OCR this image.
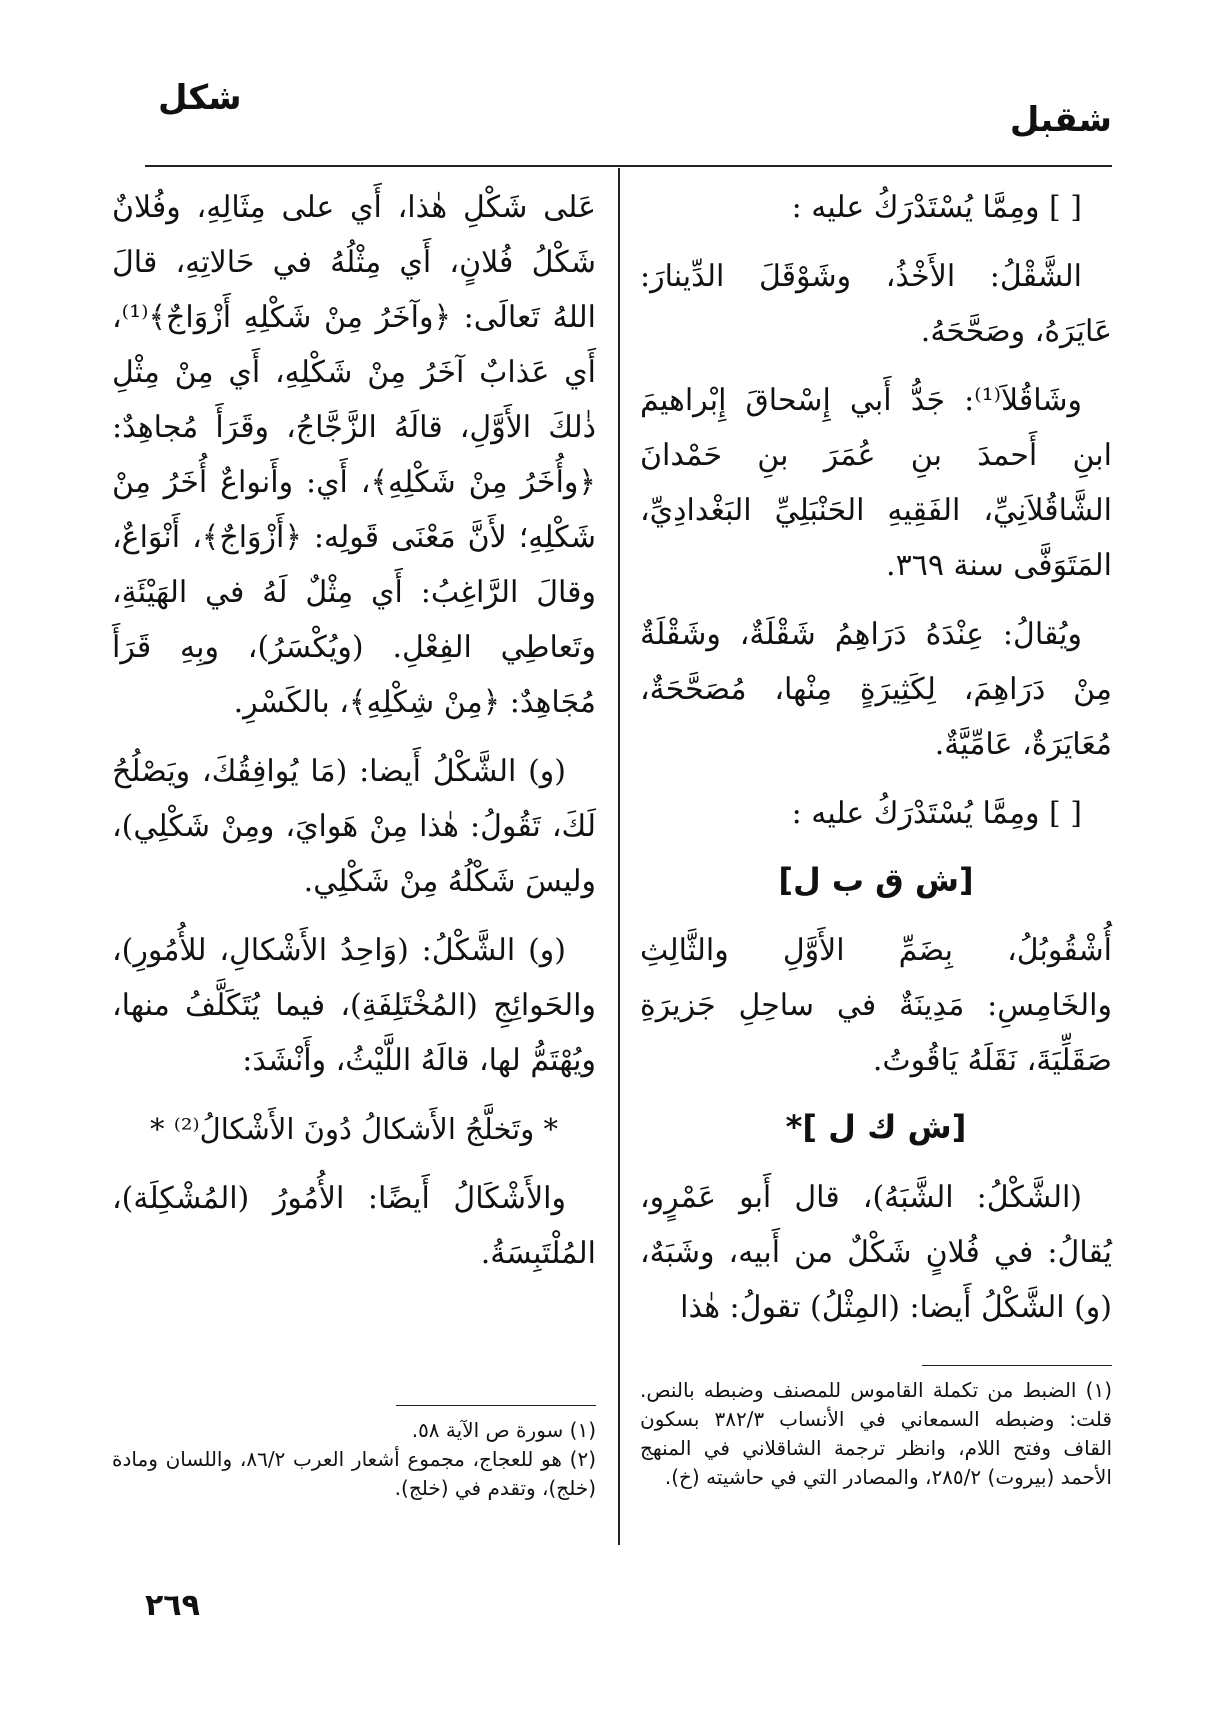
شقبل
شكل

[ ] ومِمَّا يُسْتَدْرَكُ عليه :

الشَّقْلُ: الأَخْذُ، وشَوْقَلَ الدِّينارَ: عَايَرَهُ، وصَحَّحَهُ.

وشَاقُلاَ⁽¹⁾: جَدُّ أَبي إِسْحاقَ إِبْراهيمَ ابنِ أَحمدَ بنِ عُمَرَ بنِ حَمْدانَ الشَّاقُلاَنِيِّ، الفَقِيهِ الحَنْبَلِيِّ البَغْدادِيِّ، المَتَوَفَّى سنة ٣٦٩.

ويُقالُ: عِنْدَهُ دَرَاهِمُ شَقْلَةٌ، وشَقْلَةٌ مِنْ دَرَاهِمَ، لِكَثِيرَةٍ مِنْها، مُصَحَّحَةٌ، مُعَايَرَةٌ، عَامِّيَّةٌ.

[ ] ومِمَّا يُسْتَدْرَكُ عليه :

[ش ق ب ل]

أُشْقُوبُلُ، بِضَمِّ الأَوَّلِ والثَّالِثِ والخَامِسِ: مَدِينَةٌ في ساحِلِ جَزيرَةِ صَقَلِّيَةَ، نَقَلَهُ يَاقُوتُ.

[ش ك ل ]*

(الشَّكْلُ: الشَّبَهُ)، قال أَبو عَمْرٍو، يُقالُ: في فُلانٍ شَكْلٌ من أَبيه، وشَبَهٌ، (و) الشَّكْلُ أَيضا: (المِثْلُ) تقولُ: هٰذا

عَلى شَكْلِ هٰذا، أَي على مِثَالِهِ، وفُلانٌ شَكْلُ فُلانٍ، أَي مِثْلُهُ في حَالاتِهِ، قالَ اللهُ تَعالَى: ﴿وآخَرُ مِنْ شَكْلِهِ أَزْوَاجٌ﴾⁽¹⁾، أَي عَذابٌ آخَرُ مِنْ شَكْلِهِ، أَي مِنْ مِثْلِ ذٰلكَ الأَوَّلِ، قالَهُ الزَّجَّاجُ، وقَرَأَ مُجاهِدٌ: ﴿وأُخَرُ مِنْ شَكْلِهِ﴾، أَي: وأَنواعٌ أُخَرُ مِنْ شَكْلِهِ؛ لأَنَّ مَعْنَى قَولِه: ﴿أَزْوَاجٌ﴾، أَنْوَاعٌ، وقالَ الرَّاغِبُ: أَي مِثْلٌ لَهُ في الهَيْئَةِ، وتَعاطِي الفِعْلِ. (ويُكْسَرُ)، وبِهِ قَرَأَ مُجَاهِدٌ: ﴿مِنْ شِكْلِهِ﴾، بالكَسْرِ.

(و) الشَّكْلُ أَيضا: (مَا يُوافِقُكَ، ويَصْلُحُ لَكَ، تَقُولُ: هٰذا مِنْ هَوايَ، ومِنْ شَكْلِي)، وليسَ شَكْلُهُ مِنْ شَكْلِي.

(و) الشَّكْلُ: (وَاحِدُ الأَشْكالِ، للأُمُورِ)، والحَوائِجِ (المُخْتَلِفَةِ)، فيما يُتَكَلَّفُ منها، ويُهْتَمُّ لها، قالَهُ اللَّيْثُ، وأَنْشَدَ:

* وتَخلَّجُ الأَشكالُ دُونَ الأَشْكالُ⁽²⁾ *

والأَشْكَالُ أَيضًا: الأُمُورُ (المُشْكِلَة)، المُلْتَبِسَةُ.

(١) الضبط من تكملة القاموس للمصنف وضبطه بالنص. قلت: وضبطه السمعاني في الأنساب ٣٨٢/٣ بسكون القاف وفتح اللام، وانظر ترجمة الشاقلاني في المنهج الأحمد (بيروت) ٢٨٥/٢، والمصادر التي في حاشيته (خ).

(١) سورة ص الآية ٥٨.

(٢) هو للعجاج، مجموع أشعار العرب ٨٦/٢، واللسان ومادة (خلج)، وتقدم في (خلج).

٢٦٩
